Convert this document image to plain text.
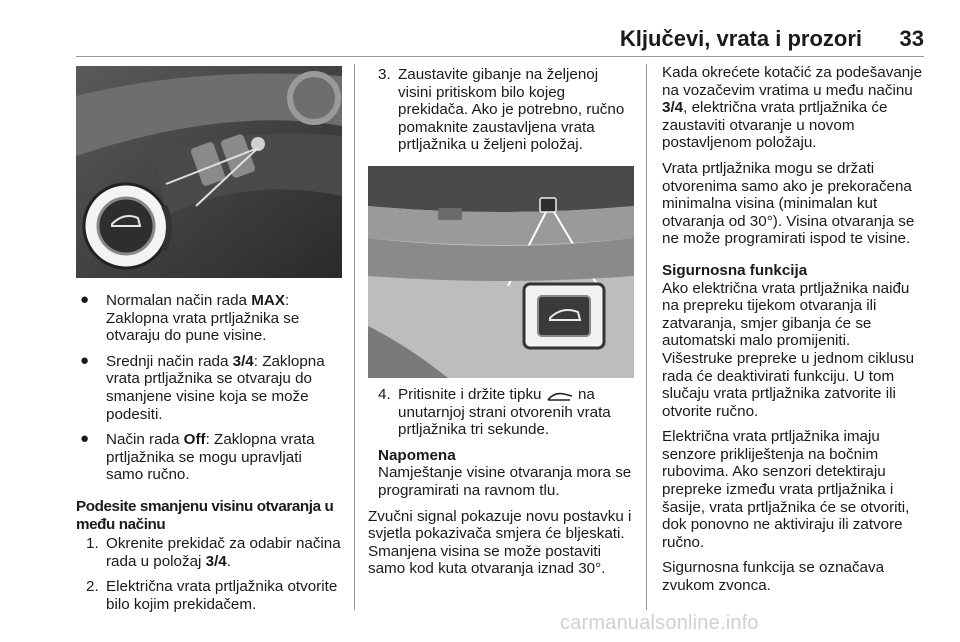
Ključevi, vrata i prozori 33
● Normalan način rada MAX: Zaklopna vrata prtljažnika se otvaraju do pune visine.
● Srednji način rada 3/4: Zaklopna vrata prtljažnika se otvaraju do smanjene visine koja se može podesiti.
● Način rada Off: Zaklopna vrata prtljažnika se mogu upravljati samo ručno.

Podesite smanjenu visinu otvaranja u među načinu

1. Okrenite prekidač za odabir načina rada u položaj 3/4.
2. Električna vrata prtljažnika otvorite bilo kojim prekidačem.
3. Zaustavite gibanje na željenoj visini pritiskom bilo kojeg prekidača. Ako je potrebno, ručno pomaknite zaustavljena vrata prtljažnika u željeni položaj.
4. Pritisnite i držite tipku  na unutarnjoj strani otvorenih vrata prtljažnika tri sekunde.

Napomena

Namještanje visine otvaranja mora se programirati na ravnom tlu.

Zvučni signal pokazuje novu postavku i svjetla pokazivača smjera će bljeskati. Smanjena visina se može postaviti samo kod kuta otvaranja iznad 30°.

Kada okrećete kotačić za podešavanje na vozačevim vratima u među načinu 3/4, električna vrata prtljažnika će zaustaviti otvaranje u novom postavljenom položaju.

Vrata prtljažnika mogu se držati otvorenima samo ako je prekoračena minimalna visina (minimalan kut otvaranja od 30°). Visina otvaranja se ne može programirati ispod te visine.

Sigurnosna funkcija

Ako električna vrata prtljažnika naiđu na prepreku tijekom otvaranja ili zatvaranja, smjer gibanja će se automatski malo promijeniti.

Višestruke prepreke u jednom ciklusu rada će deaktivirati funkciju. U tom slučaju vrata prtljažnika zatvorite ili otvorite ručno.

Električna vrata prtljažnika imaju senzore prikliještenja na bočnim rubovima. Ako senzori detektiraju prepreke između vrata prtljažnika i šasije, vrata prtljažnika će se otvoriti, dok ponovno ne aktiviraju ili zatvore ručno.

Sigurnosna funkcija se označava zvukom zvonca.

carmanualsonline.info
